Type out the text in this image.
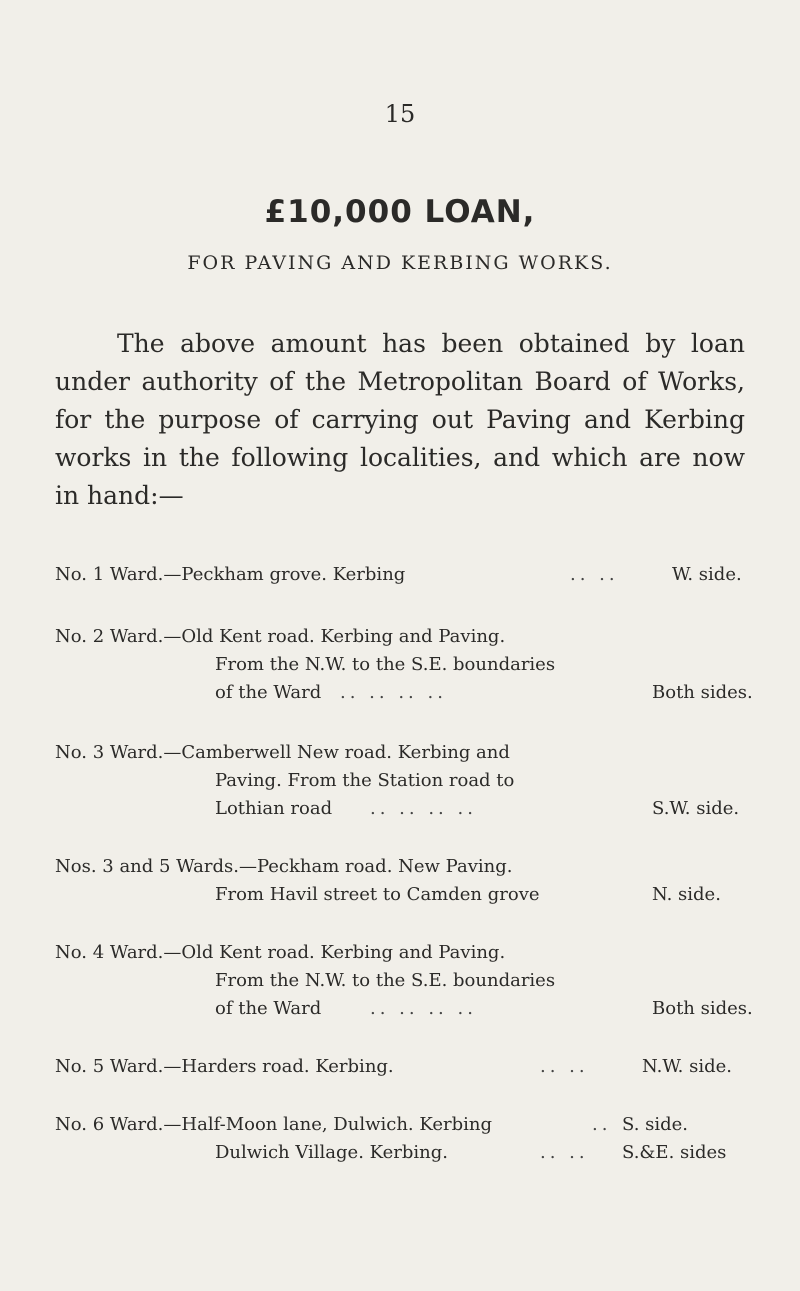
15
£10,000 LOAN,
FOR PAVING AND KERBING WORKS.

The above amount has been obtained by loan under authority of the Metropolitan Board of Works, for the purpose of carrying out Paving and Kerbing works in the following localities, and which are now in hand:—

No. 1 Ward.—Peckham grove. Kerbing	.. ..	W. side.
No. 2 Ward.—Old Kent road. Kerbing and Paving.
From the N.W. to the S.E. boundaries
of the Ward .. .. .. ..	Both sides.
No. 3 Ward.—Camberwell New road. Kerbing and
Paving. From the Station road to
Lothian road .. .. .. ..	S.W. side.
Nos. 3 and 5 Wards.—Peckham road. New Paving.
From Havil street to Camden grove	N. side.
No. 4 Ward.—Old Kent road. Kerbing and Paving.
From the N.W. to the S.E. boundaries
of the Ward	.. .. .. ..	Both sides.
No. 5 Ward.—Harders road. Kerbing.	.. ..	N.W. side.
No. 6 Ward.—Half-Moon lane, Dulwich. Kerbing	.. S. side.
Dulwich Village. Kerbing.	.. .. S.&E. sides
